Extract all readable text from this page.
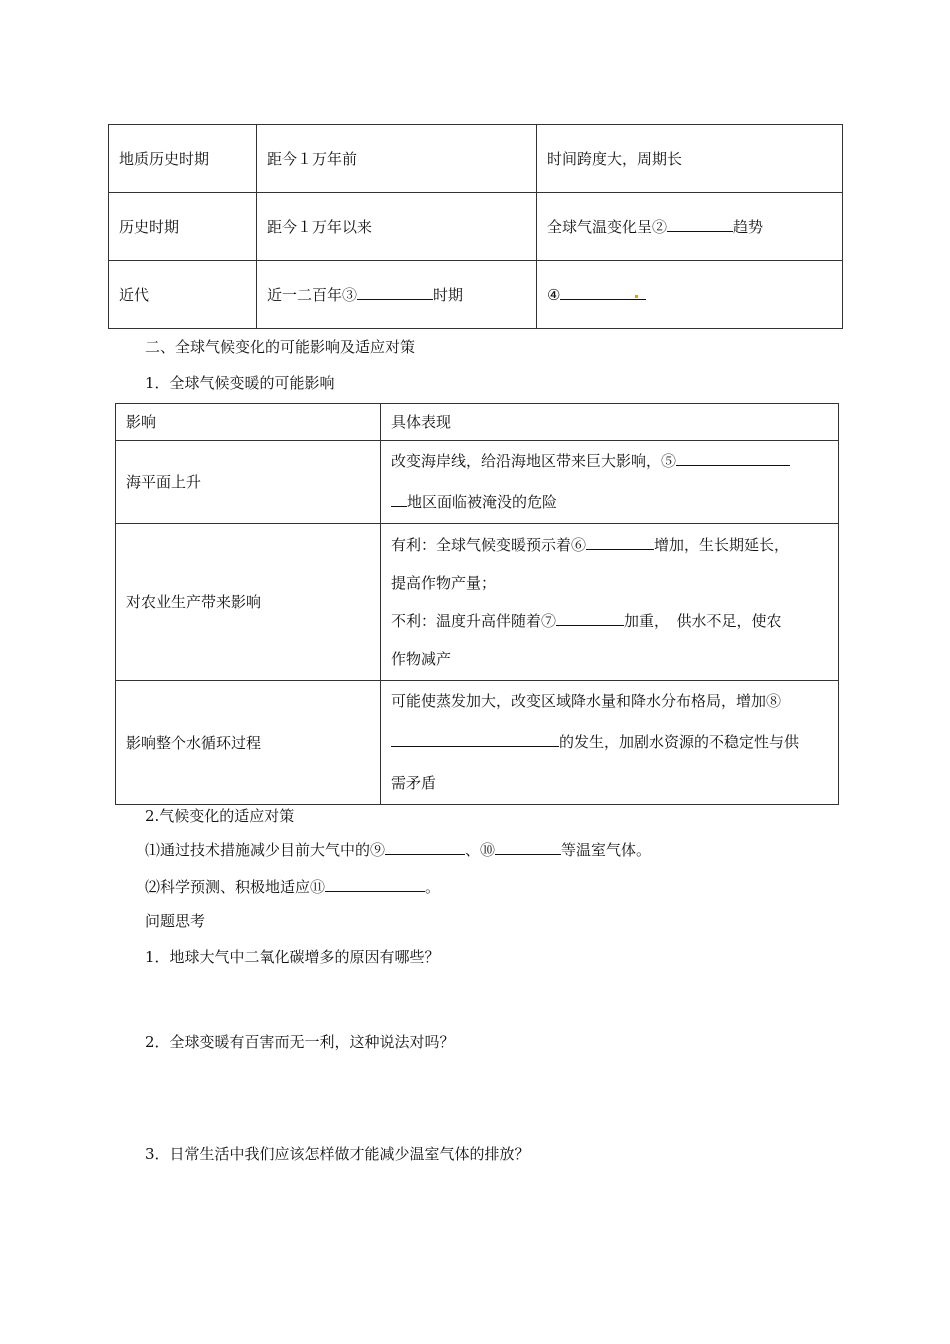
地质历史时期	距今１万年前	时间跨度大，周期长
历史时期	距今１万年以来	全球气温变化呈② 趋势
近代	近一二百年③ 时期	④
二、全球气候变化的可能影响及适应对策
1．全球气候变暖的可能影响
影响	具体表现
海平面上升	改变海岸线，给沿海地区带来巨大影响，⑤
地区面临被淹没的危险

对农业生产带来影响	有利：全球气候变暖预示着⑥ 增加，生长期延长，
提高作物产量；
不利：温度升高伴随着⑦ 加重，　供水不足，使农
作物减产

影响整个水循环过程	可能使蒸发加大，改变区域降水量和降水分布格局，增加⑧
的发生，加剧水资源的不稳定性与供
需矛盾
2.气候变化的适应对策
⑴通过技术措施减少目前大气中的⑨	、⑩	等温室气体。
⑵科学预测、积极地适应⑪	。
问题思考
1．地球大气中二氧化碳增多的原因有哪些？
2．全球变暖有百害而无一利，这种说法对吗？
3．日常生活中我们应该怎样做才能减少温室气体的排放？
